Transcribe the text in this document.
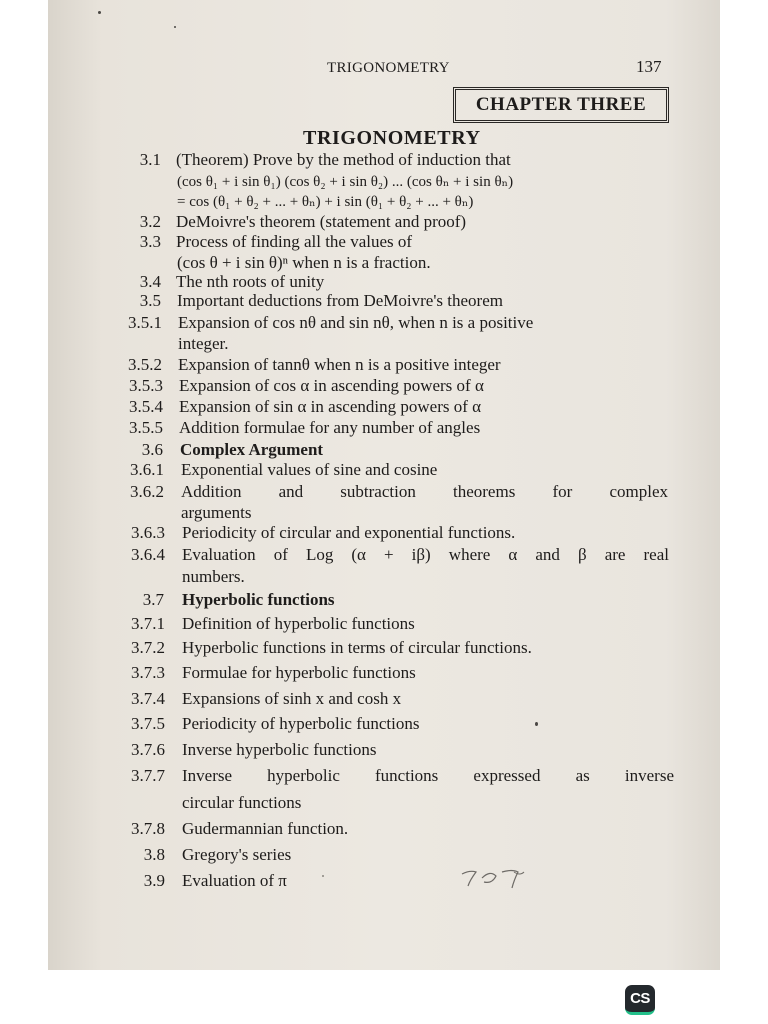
TRIGONOMETRY	137
CHAPTER THREE
TRIGONOMETRY
3.1 (Theorem) Prove by the method of induction that
(cos θ₁ + i sin θ₁) (cos θ₂ + i sin θ₂) ... (cos θₙ + i sin θₙ)
= cos (θ₁ + θ₂ + ... + θₙ) + i sin (θ₁ + θ₂ + ... + θₙ)
3.2 DeMoivre's theorem (statement and proof)
3.3 Process of finding all the values of
(cos θ + i sin θ)ⁿ when n is a fraction.
3.4 The nth roots of unity
3.5 Important deductions from DeMoivre's theorem
3.5.1 Expansion of cos nθ and sin nθ, when n is a positive
integer.
3.5.2 Expansion of tannθ when n is a positive integer
3.5.3 Expansion of cos α in ascending powers of α
3.5.4 Expansion of sin α in ascending powers of α
3.5.5 Addition formulae for any number of angles
3.6 Complex Argument
3.6.1 Exponential values of sine and cosine
3.6.2 Addition and subtraction theorems for complex
arguments
3.6.3 Periodicity of circular and exponential functions.
3.6.4 Evaluation of Log (α + iβ) where α and β are real
numbers.
3.7 Hyperbolic functions
3.7.1 Definition of hyperbolic functions
3.7.2 Hyperbolic functions in terms of circular functions.
3.7.3 Formulae for hyperbolic functions
3.7.4 Expansions of sinh x and cosh x
3.7.5 Periodicity of hyperbolic functions
3.7.6 Inverse hyperbolic functions
3.7.7 Inverse hyperbolic functions expressed as inverse
circular functions
3.7.8 Gudermannian function.
3.8 Gregory's series
3.9 Evaluation of π
CS
